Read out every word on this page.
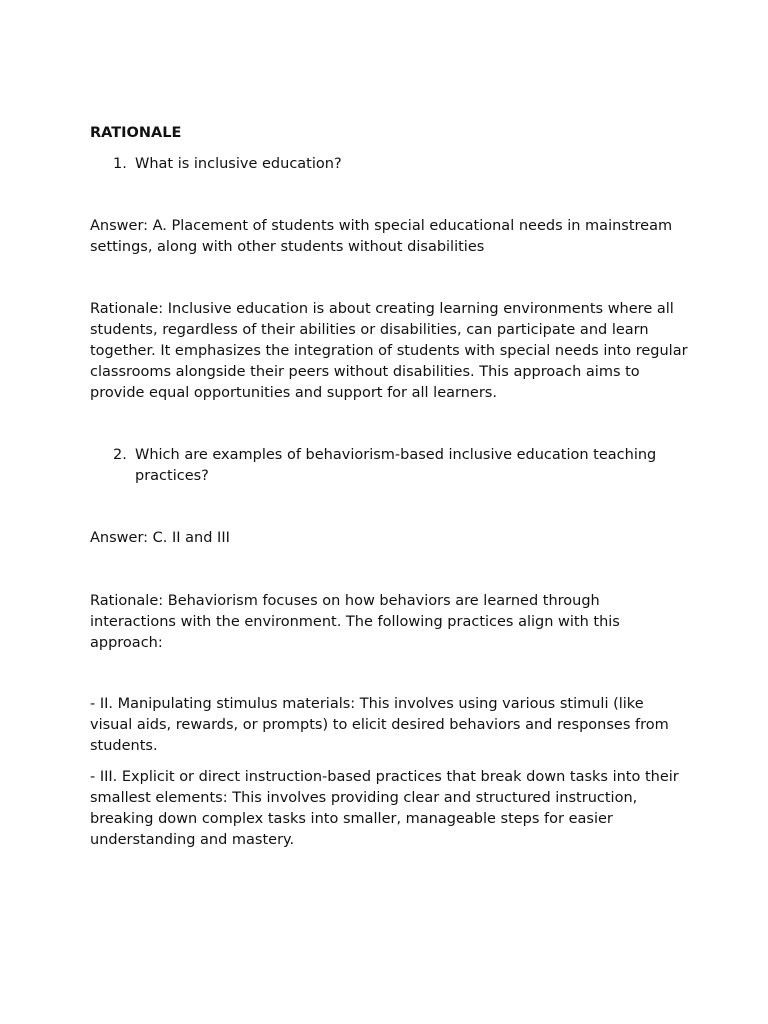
RATIONALE
1. What is inclusive education?

Answer: A. Placement of students with special educational needs in mainstream settings, along with other students without disabilities

Rationale: Inclusive education is about creating learning environments where all students, regardless of their abilities or disabilities, can participate and learn together. It emphasizes the integration of students with special needs into regular classrooms alongside their peers without disabilities. This approach aims to provide equal opportunities and support for all learners.

2. Which are examples of behaviorism-based inclusive education teaching practices?

Answer: C. II and III

Rationale: Behaviorism focuses on how behaviors are learned through interactions with the environment. The following practices align with this approach:

- II. Manipulating stimulus materials: This involves using various stimuli (like visual aids, rewards, or prompts) to elicit desired behaviors and responses from students.

- III. Explicit or direct instruction-based practices that break down tasks into their smallest elements: This involves providing clear and structured instruction, breaking down complex tasks into smaller, manageable steps for easier understanding and mastery.
